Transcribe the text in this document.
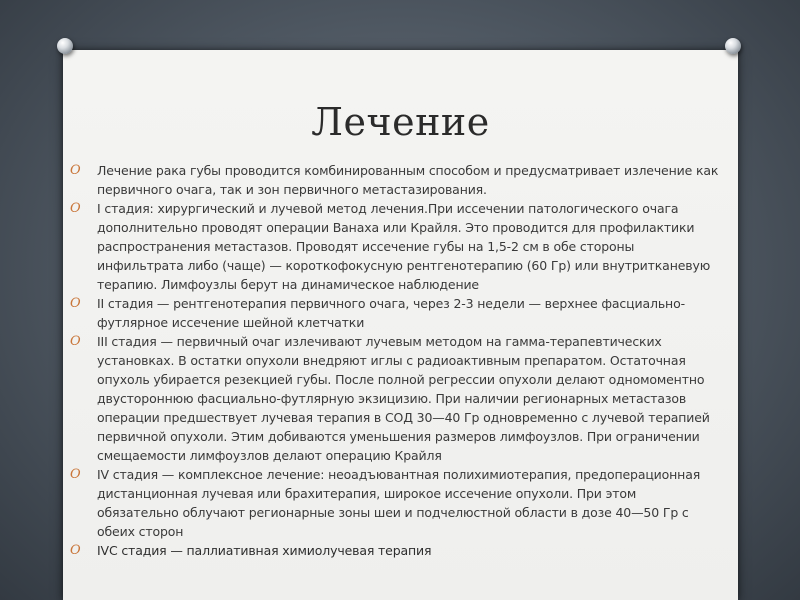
Лечение
O Лечение рака губы проводится комбинированным способом и предусматривает излечение как первичного очага, так и зон первичного метастазирования.
O I стадия: хирургический и лучевой метод лечения.При иссечении патологического очага дополнительно проводят операции Ванаха или Крайля. Это проводится для профилактики распространения метастазов. Проводят иссечение губы на 1,5-2 см в обе стороны инфильтрата либо (чаще) — короткофокусную рентгенотерапию (60 Гр) или внутритканевую терапию. Лимфоузлы берут на динамическое наблюдение
O II стадия — рентгенотерапия первичного очага, через 2-3 недели — верхнее фасциально-футлярное иссечение шейной клетчатки
O III стадия — первичный очаг излечивают лучевым методом на гамма-терапевтических установках. В остатки опухоли внедряют иглы с радиоактивным препаратом. Остаточная опухоль убирается резекцией губы. После полной регрессии опухоли делают одномоментно двустороннюю фасциально-футлярную экзицизию. При наличии регионарных метастазов операции предшествует лучевая терапия в СОД 30—40 Гр одновременно с лучевой терапией первичной опухоли. Этим добиваются уменьшения размеров лимфоузлов. При ограничении смещаемости лимфоузлов делают операцию Крайля
O IV стадия — комплексное лечение: неоадъювантная полихимиотерапия, предоперационная дистанционная лучевая или брахитерапия, широкое иссечение опухоли. При этом обязательно облучают регионарные зоны шеи и подчелюстной области в дозе 40—50 Гр с обеих сторон
O IVC стадия — паллиативная химиолучевая терапия
